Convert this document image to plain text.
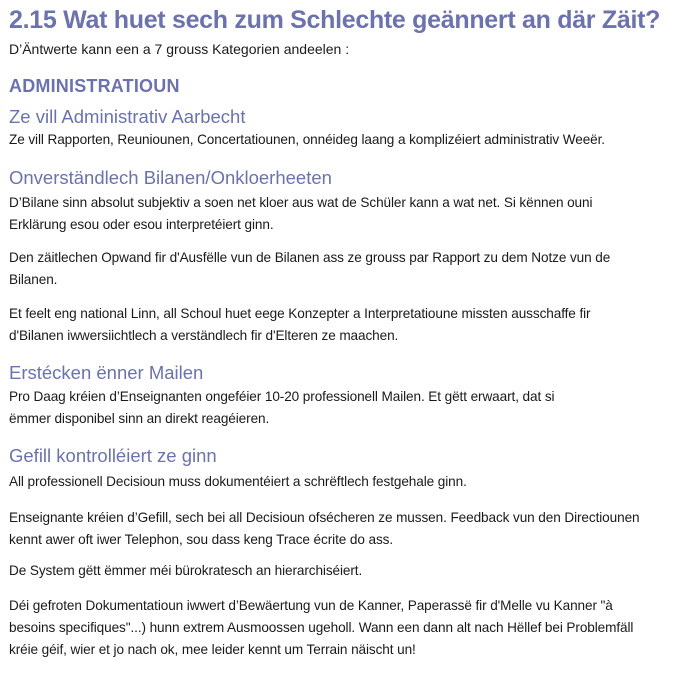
2.15 Wat huet sech zum Schlechte geännert an där Zäit?
D’Äntwerte kann een a 7 grouss Kategorien andeelen :
ADMINISTRATIOUN
Ze vill Administrativ Aarbecht

Ze vill Rapporten, Reuniounen, Concertatiounen, onnéideg laang a komplizéiert administrativ Weeër.

Onverständlech Bilanen/Onkloerheeten

D’Bilane sinn absolut subjektiv a soen net kloer aus wat de Schüler kann a wat net. Si kënnen ouni
Erklärung esou oder esou interpretéiert ginn.

Den zäitlechen Opwand fir d'Ausfëlle vun de Bilanen ass ze grouss par Rapport zu dem Notze vun de
Bilanen.

Et feelt eng national Linn, all Schoul huet eege Konzepter a Interpretatioune missten ausschaffe fir
d'Bilanen iwwersiichtlech a verständlech fir d'Elteren ze maachen.

Erstécken ënner Mailen

Pro Daag kréien d’Enseignanten ongeféier 10-20 professionell Mailen. Et gëtt erwaart, dat si
ëmmer disponibel sinn an direkt reagéieren.

Gefill kontrolléiert ze ginn

All professionell Decisioun muss dokumentéiert a schrëftlech festgehale ginn.

Enseignante kréien d’Gefill, sech bei all Decisioun ofsécheren ze mussen. Feedback vun den Directiounen
kennt awer oft iwer Telephon, sou dass keng Trace écrite do ass.

De System gëtt ëmmer méi bürokratesch an hierarchiséiert.

Déi gefroten Dokumentatioun iwwert d’Bewäertung vun de Kanner, Paperassë fir d'Melle vu Kanner "à
besoins specifiques"...) hunn extrem Ausmoossen ugeholl. Wann een dann alt nach Hëllef bei Problemfäll
kréie géif, wier et jo nach ok, mee leider kennt um Terrain näischt un!
